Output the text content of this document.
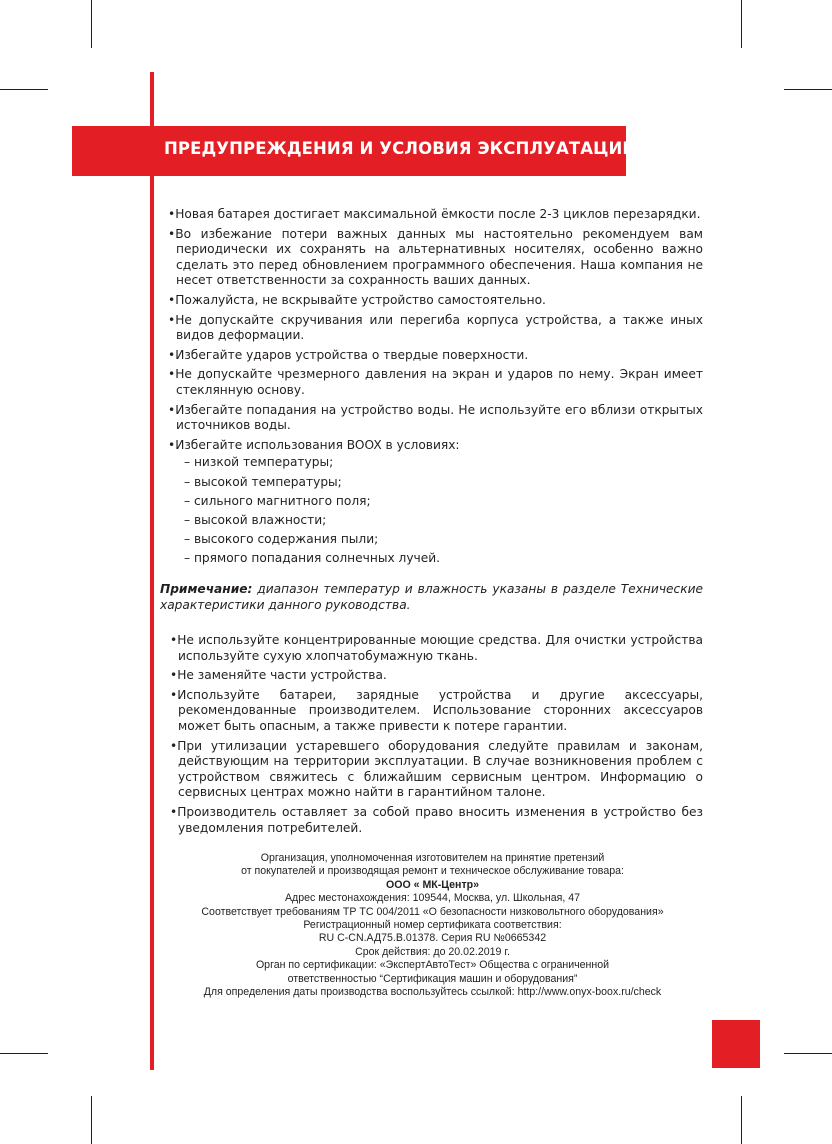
ПРЕДУПРЕЖДЕНИЯ И УСЛОВИЯ ЭКСПЛУАТАЦИИ
•Новая батарея достигает максимальной ёмкости после 2-3 циклов перезарядки.
•Во избежание потери важных данных мы настоятельно рекомендуем вам периодически их сохранять на альтернативных носителях, особенно важно сделать это перед обновлением программного обеспечения. Наша компания не несет ответственности за сохранность ваших данных.
•Пожалуйста, не вскрывайте устройство самостоятельно.
•Не допускайте скручивания или перегиба корпуса устройства, а также иных видов деформации.
•Избегайте ударов устройства о твердые поверхности.
•Не допускайте чрезмерного давления на экран и ударов по нему. Экран имеет стеклянную основу.
•Избегайте попадания на устройство воды. Не используйте его вблизи открытых источников воды.
•Избегайте использования BOOX в условиях:
– низкой температуры;
– высокой температуры;
– сильного магнитного поля;
– высокой влажности;
– высокого содержания пыли;
– прямого попадания солнечных лучей.

Примечание: диапазон температур и влажность указаны в разделе Технические характеристики данного руководства.

•Не используйте концентрированные моющие средства. Для очистки устройства используйте сухую хлопчатобумажную ткань.
•Не заменяйте части устройства.
•Используйте батареи, зарядные устройства и другие аксессуары, рекомендованные производителем. Использование сторонних аксессуаров может быть опасным, а также привести к потере гарантии.
•При утилизации устаревшего оборудования следуйте правилам и законам, действующим на территории эксплуатации. В случае возникновения проблем с устройством свяжитесь с ближайшим сервисным центром. Информацию о сервисных центрах можно найти в гарантийном талоне.
•Производитель оставляет за собой право вносить изменения в устройство без уведомления потребителей.
Организация, уполномоченная изготовителем на принятие претензий
от покупателей и производящая ремонт и техническое обслуживание товара:
ООО « МК-Центр»
Адрес местонахождения: 109544, Москва, ул. Школьная, 47
Соответствует требованиям ТР ТС 004/2011 «О безопасности низковольтного оборудования»
Регистрационный номер сертификата соответствия:
RU C-CN.АД75.В.01378. Серия RU №0665342
Срок действия: до 20.02.2019 г.
Орган по сертификации: «ЭкспертАвтоТест» Общества с ограниченной
ответственностью “Сертификация машин и оборудования”
Для определения даты производства воспользуйтесь ссылкой: http://www.onyx-boox.ru/check
